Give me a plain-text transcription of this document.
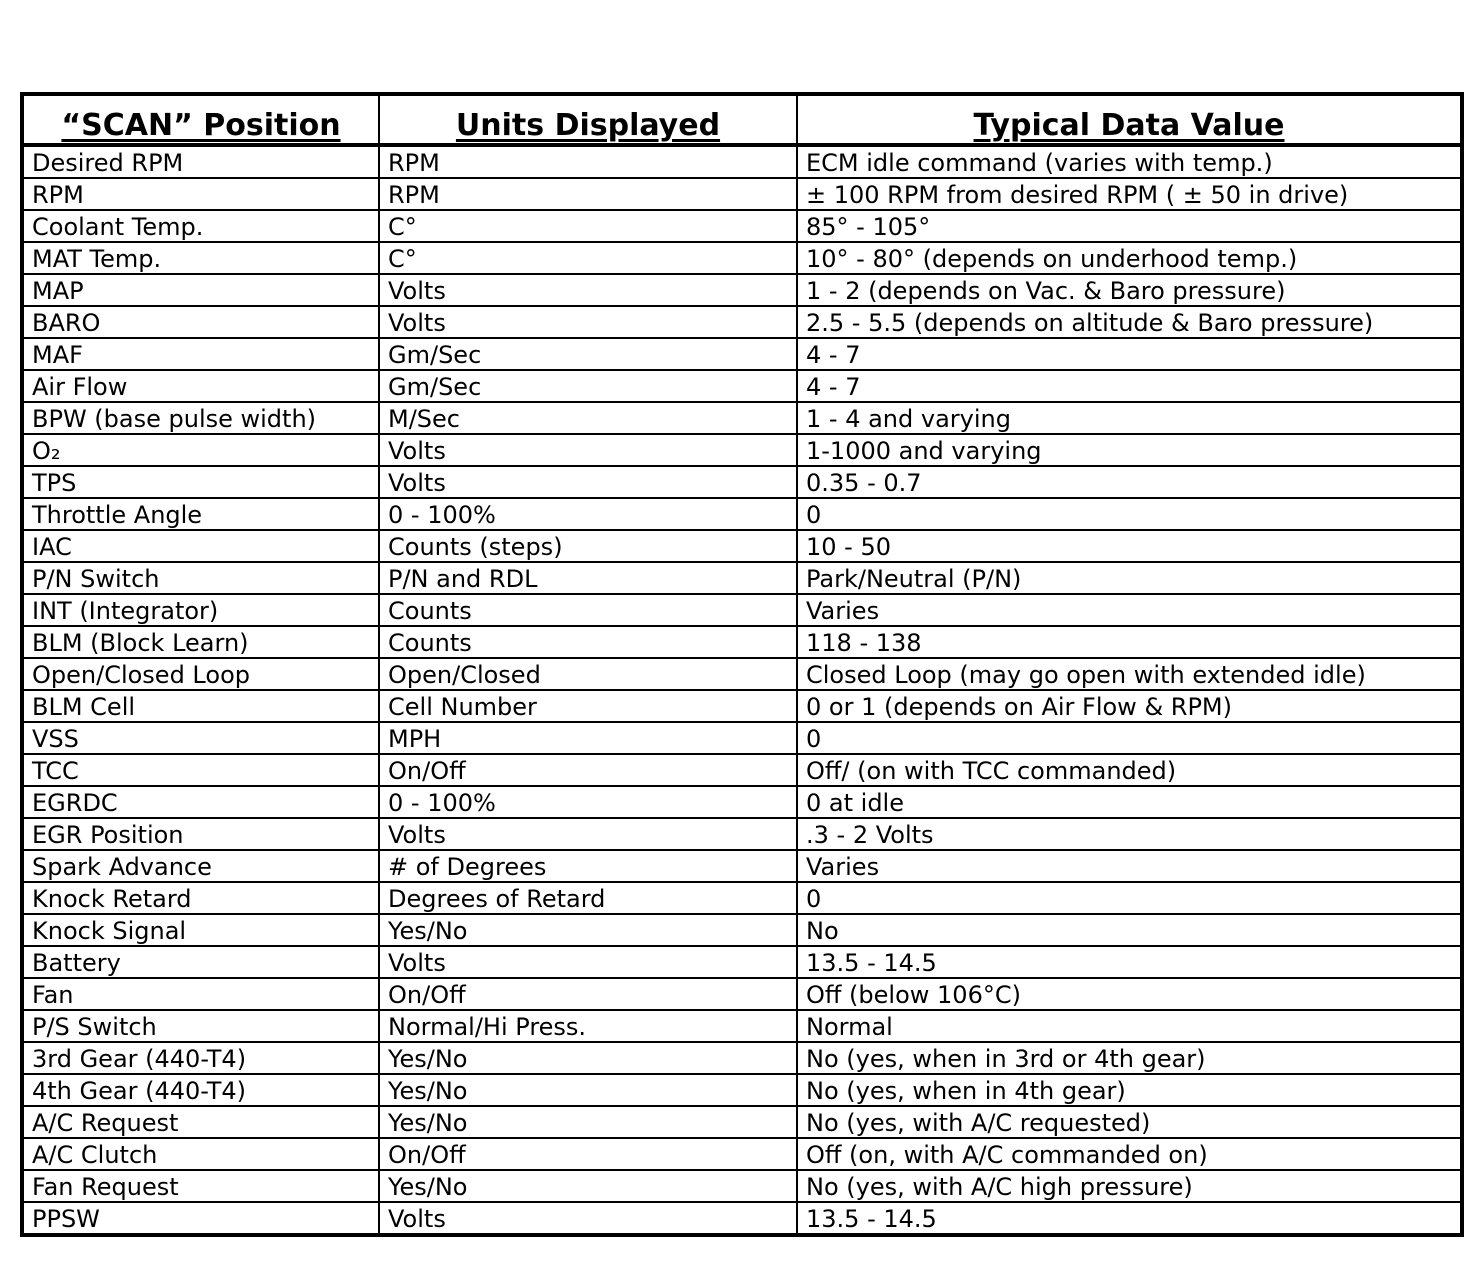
“SCAN” Position	Units Displayed	Typical Data Value
Desired RPM	RPM	ECM idle command (varies with temp.)
RPM	RPM	± 100 RPM from desired RPM ( ± 50 in drive)
Coolant Temp.	C°	85° - 105°
MAT Temp.	C°	10° - 80° (depends on underhood temp.)
MAP	Volts	1 - 2 (depends on Vac. & Baro pressure)
BARO	Volts	2.5 - 5.5 (depends on altitude & Baro pressure)
MAF	Gm/Sec	4 - 7
Air Flow	Gm/Sec	4 - 7
BPW (base pulse width)	M/Sec	1 - 4 and varying
O₂	Volts	1-1000 and varying
TPS	Volts	0.35 - 0.7
Throttle Angle	0 - 100%	0
IAC	Counts (steps)	10 - 50
P/N Switch	P/N and RDL	Park/Neutral (P/N)
INT (Integrator)	Counts	Varies
BLM (Block Learn)	Counts	118 - 138
Open/Closed Loop	Open/Closed	Closed Loop (may go open with extended idle)
BLM Cell	Cell Number	0 or 1 (depends on Air Flow & RPM)
VSS	MPH	0
TCC	On/Off	Off/ (on with TCC commanded)
EGRDC	0 - 100%	0 at idle
EGR Position	Volts	.3 - 2 Volts
Spark Advance	# of Degrees	Varies
Knock Retard	Degrees of Retard	0
Knock Signal	Yes/No	No
Battery	Volts	13.5 - 14.5
Fan	On/Off	Off (below 106°C)
P/S Switch	Normal/Hi Press.	Normal
3rd Gear (440-T4)	Yes/No	No (yes, when in 3rd or 4th gear)
4th Gear (440-T4)	Yes/No	No (yes, when in 4th gear)
A/C Request	Yes/No	No (yes, with A/C requested)
A/C Clutch	On/Off	Off (on, with A/C commanded on)
Fan Request	Yes/No	No (yes, with A/C high pressure)
PPSW	Volts	13.5 - 14.5
